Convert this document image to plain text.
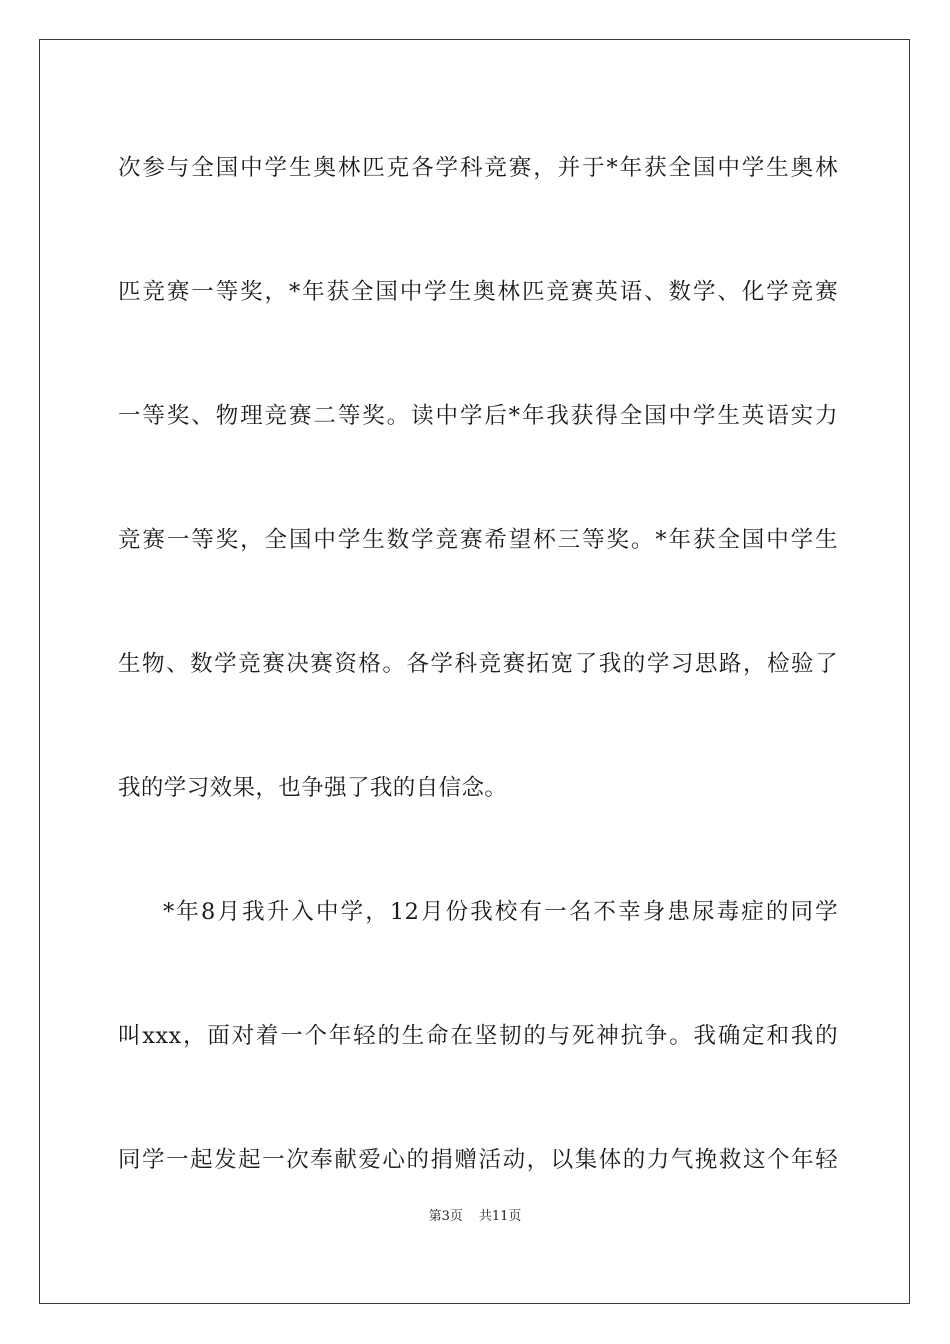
次参与全国中学生奥林匹克各学科竞赛，并于*年获全国中学生奥林
匹竞赛一等奖，*年获全国中学生奥林匹竞赛英语、数学、化学竞赛
一等奖、物理竞赛二等奖。读中学后*年我获得全国中学生英语实力
竞赛一等奖，全国中学生数学竞赛希望杯三等奖。*年获全国中学生
生物、数学竞赛决赛资格。各学科竞赛拓宽了我的学习思路，检验了
我的学习效果，也争强了我的自信念。
*年8月我升入中学，12月份我校有一名不幸身患尿毒症的同学
叫xxx，面对着一个年轻的生命在坚韧的与死神抗争。我确定和我的
同学一起发起一次奉献爱心的捐赠活动，以集体的力气挽救这个年轻
第3页 共11页
